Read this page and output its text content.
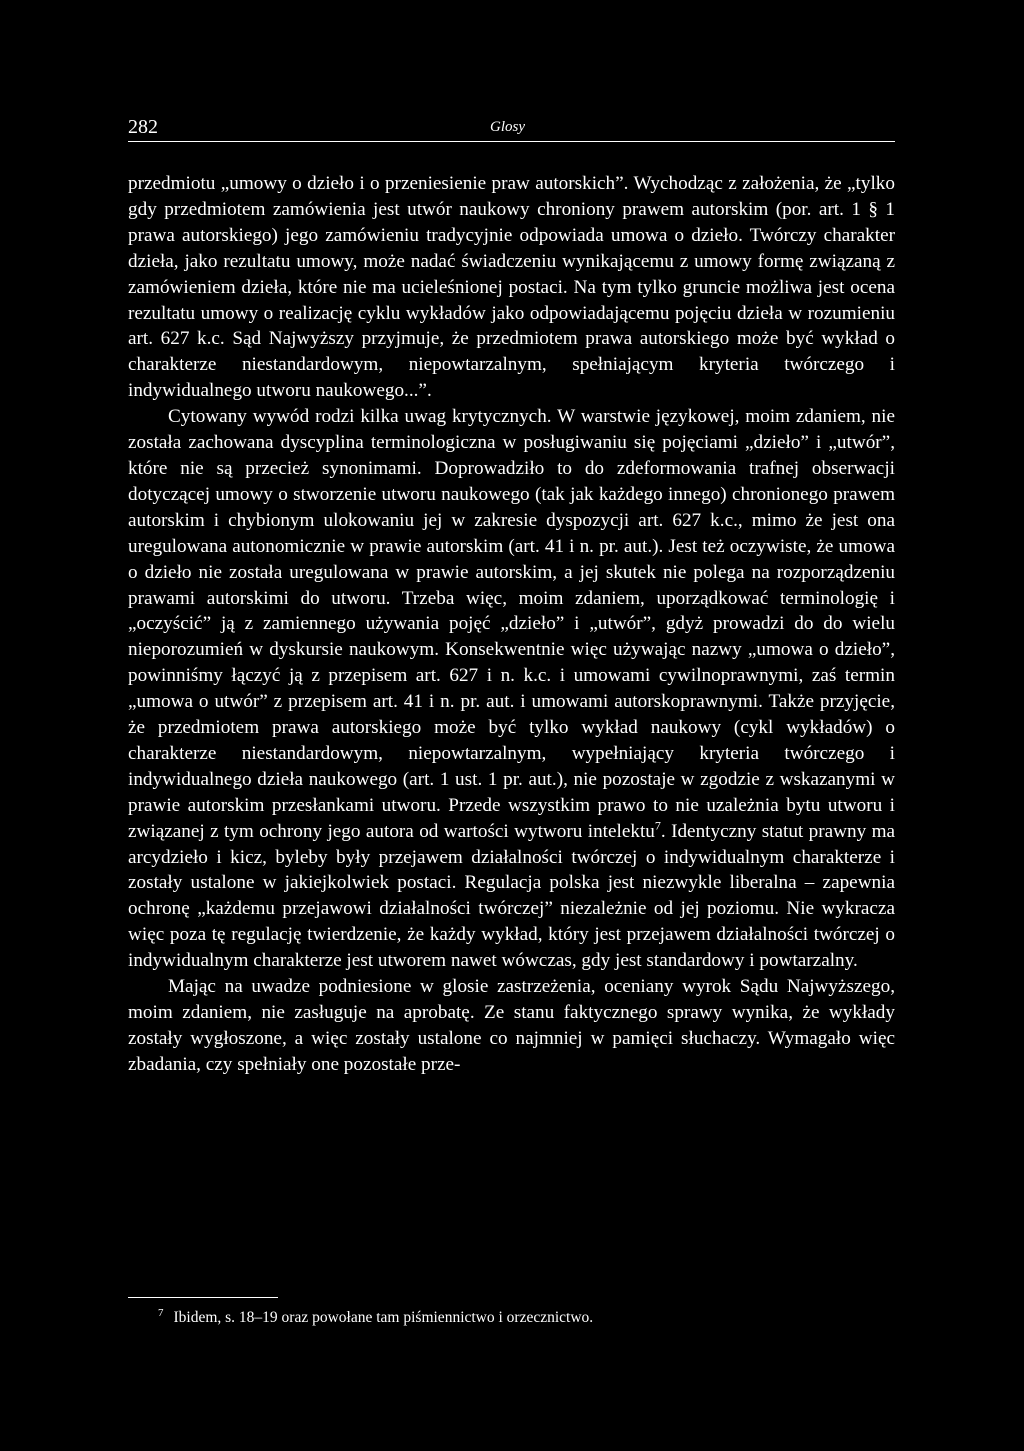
282	Glosy

przedmiotu „umowy o dzieło i o przeniesienie praw autorskich”. Wychodząc z założenia, że „tylko gdy przedmiotem zamówienia jest utwór naukowy chroniony prawem autorskim (por. art. 1 § 1 prawa autorskiego) jego zamówieniu tradycyjnie odpowiada umowa o dzieło. Twórczy charakter dzieła, jako rezultatu umowy, może nadać świadczeniu wynikającemu z umowy formę związaną z zamówieniem dzieła, które nie ma ucieleśnionej postaci. Na tym tylko gruncie możliwa jest ocena rezultatu umowy o realizację cyklu wykładów jako odpowiadającemu pojęciu dzieła w rozumieniu art. 627 k.c. Sąd Najwyższy przyjmuje, że przedmiotem prawa autorskiego może być wykład o charakterze niestandardowym, niepowtarzalnym, spełniającym kryteria twórczego i indywidualnego utworu naukowego...”.

Cytowany wywód rodzi kilka uwag krytycznych. W warstwie językowej, moim zdaniem, nie została zachowana dyscyplina terminologiczna w posługiwaniu się pojęciami „dzieło” i „utwór”, które nie są przecież synonimami. Doprowadziło to do zdeformowania trafnej obserwacji dotyczącej umowy o stworzenie utworu naukowego (tak jak każdego innego) chronionego prawem autorskim i chybionym ulokowaniu jej w zakresie dyspozycji art. 627 k.c., mimo że jest ona uregulowana autonomicznie w prawie autorskim (art. 41 i n. pr. aut.). Jest też oczywiste, że umowa o dzieło nie została uregulowana w prawie autorskim, a jej skutek nie polega na rozporządzeniu prawami autorskimi do utworu. Trzeba więc, moim zdaniem, uporządkować terminologię i „oczyścić” ją z zamiennego używania pojęć „dzieło” i „utwór”, gdyż prowadzi do do wielu nieporozumień w dyskursie naukowym. Konsekwentnie więc używając nazwy „umowa o dzieło”, powinniśmy łączyć ją z przepisem art. 627 i n. k.c. i umowami cywilnoprawnymi, zaś termin „umowa o utwór” z przepisem art. 41 i n. pr. aut. i umowami autorskoprawnymi. Także przyjęcie, że przedmiotem prawa autorskiego może być tylko wykład naukowy (cykl wykładów) o charakterze niestandardowym, niepowtarzalnym, wypełniający kryteria twórczego i indywidualnego dzieła naukowego (art. 1 ust. 1 pr. aut.), nie pozostaje w zgodzie z wskazanymi w prawie autorskim przesłankami utworu. Przede wszystkim prawo to nie uzależnia bytu utworu i związanej z tym ochrony jego autora od wartości wytworu intelektu$^7$. Identyczny statut prawny ma arcydzieło i kicz, byleby były przejawem działalności twórczej o indywidualnym charakterze i zostały ustalone w jakiejkolwiek postaci. Regulacja polska jest niezwykle liberalna – zapewnia ochronę „każdemu przejawowi działalności twórczej” niezależnie od jej poziomu. Nie wykracza więc poza tę regulację twierdzenie, że każdy wykład, który jest przejawem działalności twórczej o indywidualnym charakterze jest utworem nawet wówczas, gdy jest standardowy i powtarzalny.

Mając na uwadze podniesione w glosie zastrzeżenia, oceniany wyrok Sądu Najwyższego, moim zdaniem, nie zasługuje na aprobatę. Ze stanu faktycznego sprawy wynika, że wykłady zostały wygłoszone, a więc zostały ustalone co najmniej w pamięci słuchaczy. Wymagało więc zbadania, czy spełniały one pozostałe prze-

$^7$ Ibidem, s. 18–19 oraz powołane tam piśmiennictwo i orzecznictwo.
